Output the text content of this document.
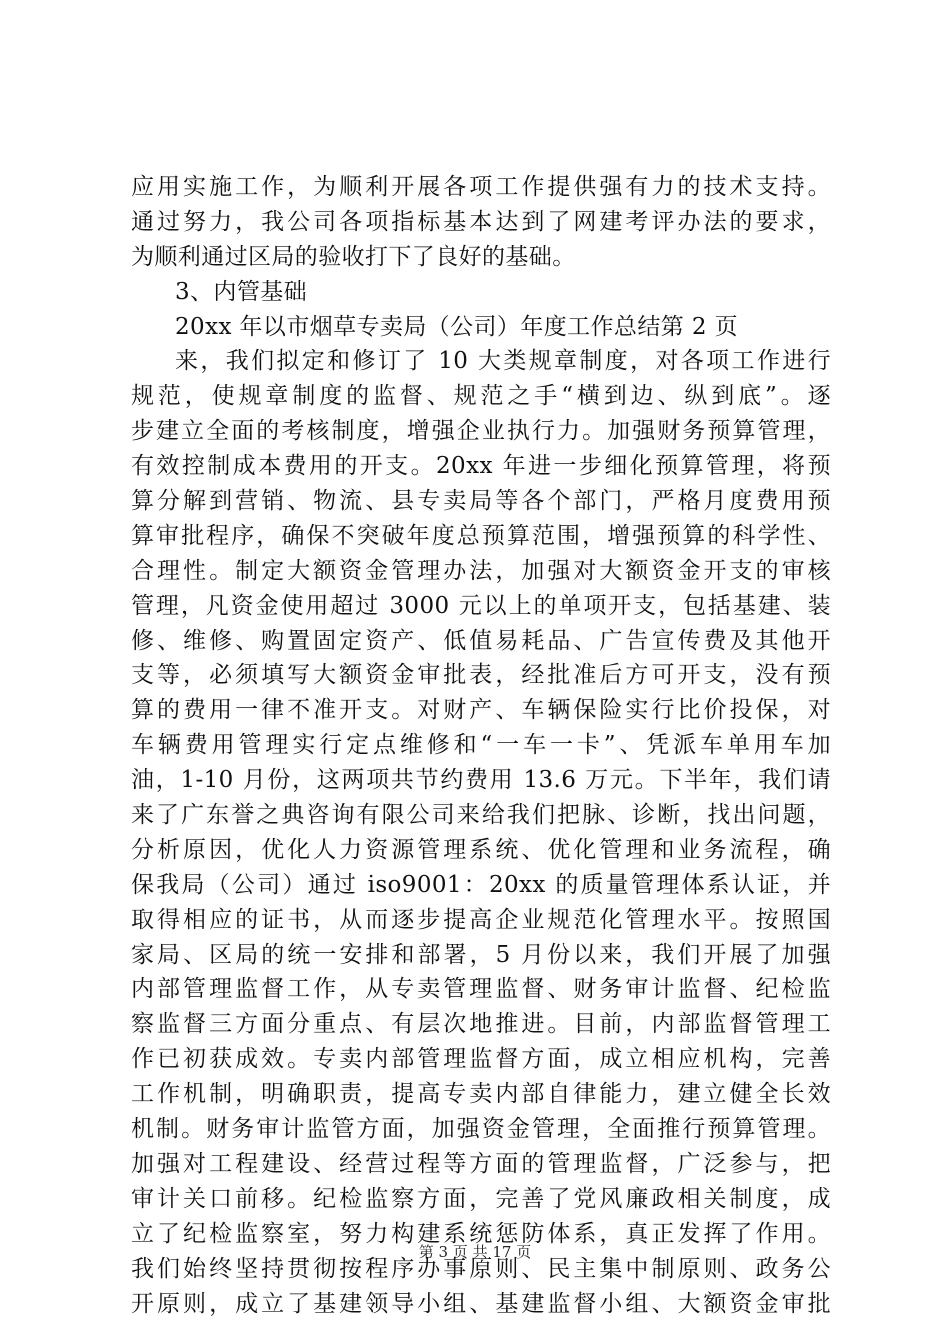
应用实施工作，为顺利开展各项工作提供强有力的技术支持。
通过努力，我公司各项指标基本达到了网建考评办法的要求，
为顺利通过区局的验收打下了良好的基础。
3、内管基础
20xx 年以市烟草专卖局（公司）年度工作总结第 2 页
来，我们拟定和修订了 10 大类规章制度，对各项工作进行
规范，使规章制度的监督、规范之手“横到边、纵到底”。逐
步建立全面的考核制度，增强企业执行力。加强财务预算管理，
有效控制成本费用的开支。20xx 年进一步细化预算管理，将预
算分解到营销、物流、县专卖局等各个部门，严格月度费用预
算审批程序，确保不突破年度总预算范围，增强预算的科学性、
合理性。制定大额资金管理办法，加强对大额资金开支的审核
管理，凡资金使用超过 3000 元以上的单项开支，包括基建、装
修、维修、购置固定资产、低值易耗品、广告宣传费及其他开
支等，必须填写大额资金审批表，经批准后方可开支，没有预
算的费用一律不准开支。对财产、车辆保险实行比价投保，对
车辆费用管理实行定点维修和“一车一卡”、凭派车单用车加
油，1-10 月份，这两项共节约费用 13.6 万元。下半年，我们请
来了广东誉之典咨询有限公司来给我们把脉、诊断，找出问题，
分析原因，优化人力资源管理系统、优化管理和业务流程，确
保我局（公司）通过 iso9001：20xx 的质量管理体系认证，并
取得相应的证书，从而逐步提高企业规范化管理水平。按照国
家局、区局的统一安排和部署，5 月份以来，我们开展了加强
内部管理监督工作，从专卖管理监督、财务审计监督、纪检监
察监督三方面分重点、有层次地推进。目前，内部监督管理工
作已初获成效。专卖内部管理监督方面，成立相应机构，完善
工作机制，明确职责，提高专卖内部自律能力，建立健全长效
机制。财务审计监管方面，加强资金管理，全面推行预算管理。
加强对工程建设、经营过程等方面的管理监督，广泛参与，把
审计关口前移。纪检监察方面，完善了党风廉政相关制度，成
立了纪检监察室，努力构建系统惩防体系，真正发挥了作用。
我们始终坚持贯彻按程序办事原则、民主集中制原则、政务公
开原则，成立了基建领导小组、基建监督小组、大额资金审批
第 3 页 共 17 页
